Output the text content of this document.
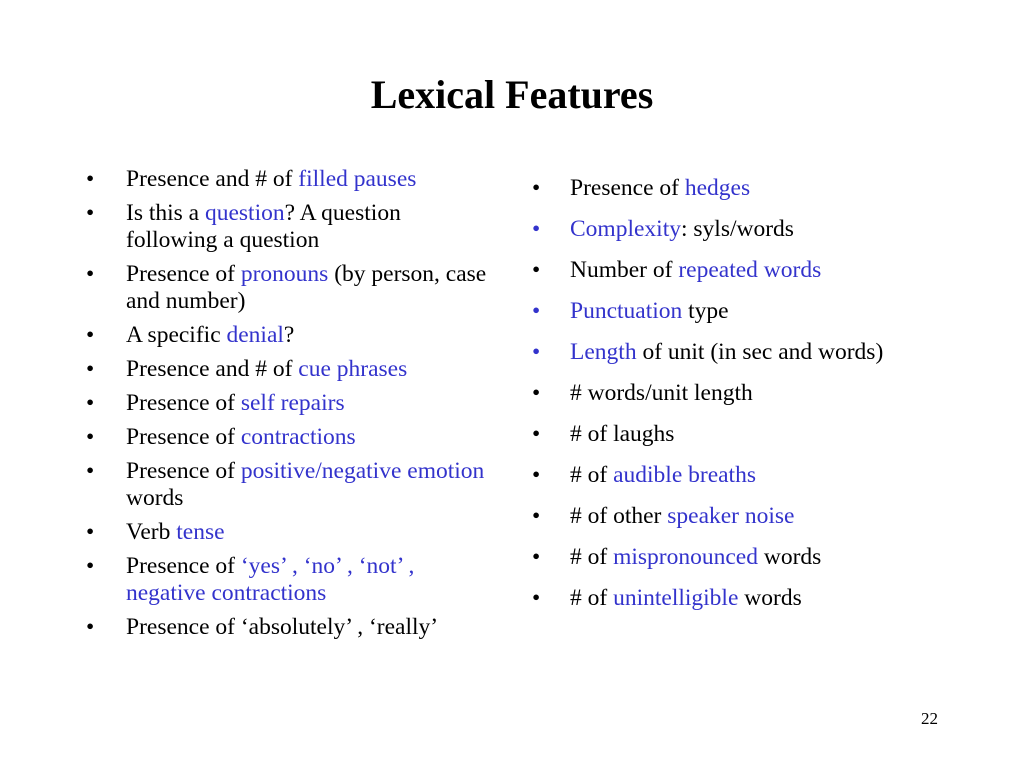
Lexical Features
• Presence and # of filled pauses
• Is this a question? A question following a question
• Presence of pronouns (by person, case and number)
• A specific denial?
• Presence and # of cue phrases
• Presence of self repairs
• Presence of contractions
• Presence of positive/negative emotion words
• Verb tense
• Presence of ‘yes’ , ‘no’ , ‘not’ , negative contractions
• Presence of ‘absolutely’ , ‘really’
• Presence of hedges
• Complexity: syls/words
• Number of repeated words
• Punctuation type
• Length of unit (in sec and words)
• # words/unit length
• # of laughs
• # of audible breaths
• # of other speaker noise
• # of mispronounced words
• # of unintelligible words
22
